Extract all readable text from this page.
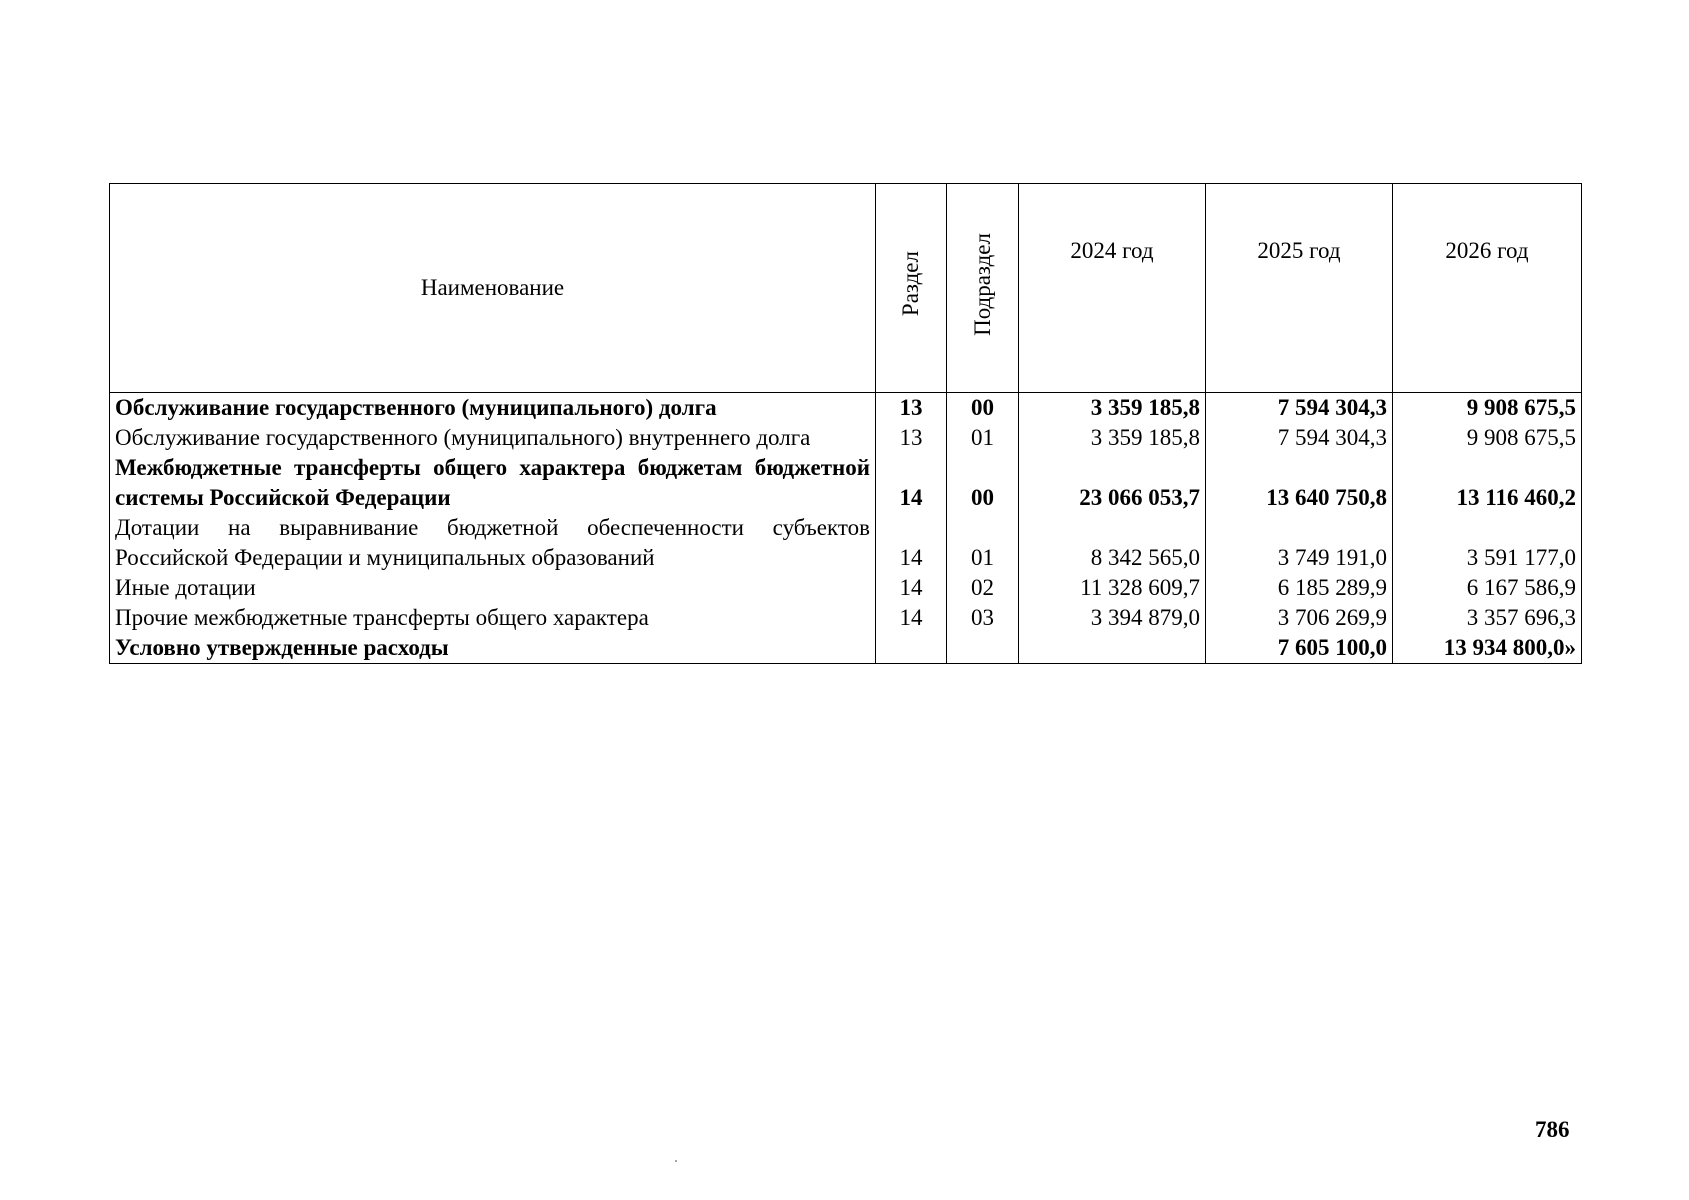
Наименование	Раздел	Подраздел	2024 год	2025 год	2026 год
Обслуживание государственного (муниципального) долга	13	00	3 359 185,8	7 594 304,3	9 908 675,5
Обслуживание государственного (муниципального) внутреннего долга	13	01	3 359 185,8	7 594 304,3	9 908 675,5
Межбюджетные трансферты общего характера бюджетам бюджетной системы Российской Федерации	14	00	23 066 053,7	13 640 750,8	13 116 460,2
Дотации на выравнивание бюджетной обеспеченности субъектов Российской Федерации и муниципальных образований	14	01	8 342 565,0	3 749 191,0	3 591 177,0
Иные дотации	14	02	11 328 609,7	6 185 289,9	6 167 586,9
Прочие межбюджетные трансферты общего характера	14	03	3 394 879,0	3 706 269,9	3 357 696,3
Условно утвержденные расходы				7 605 100,0	13 934 800,0»
786
